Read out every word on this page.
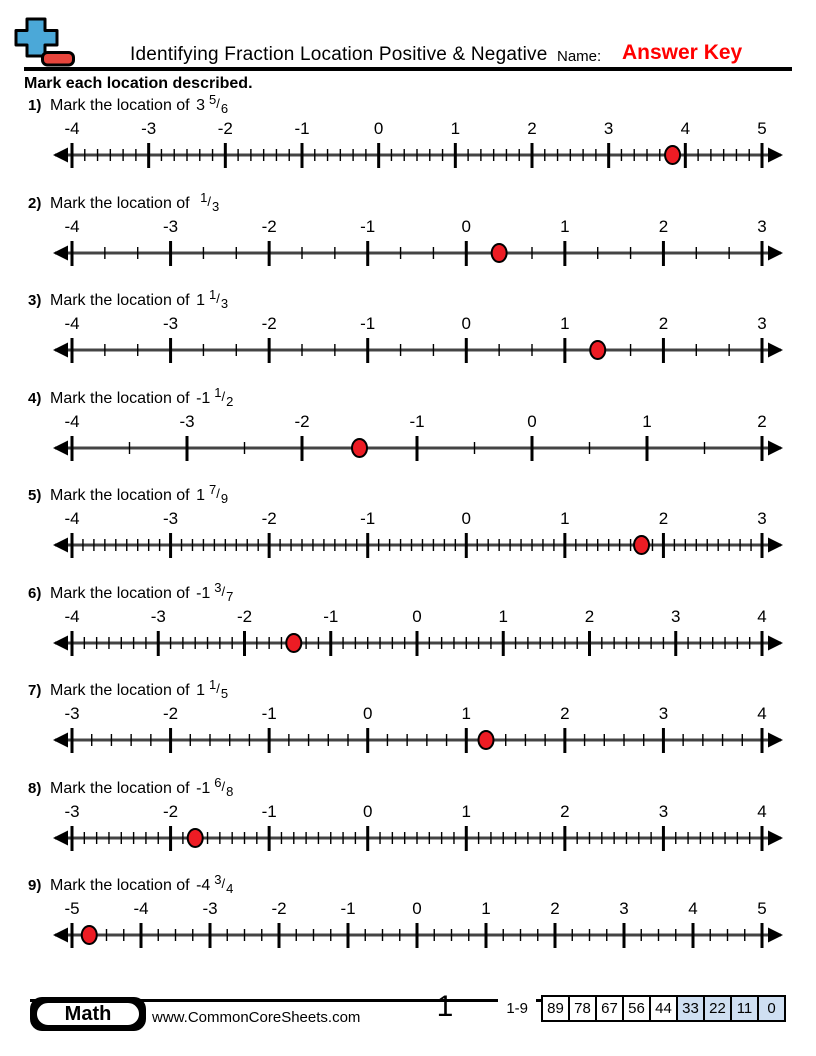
Identifying Fraction Location Positive & Negative Name: Answer Key
Mark each location described.
1) Mark the location of 3 $^5$/6
-4	-3	-2	-1	0	1	2	3	4	5
2) Mark the location of $^1$/3
-4	-3	-2	-1	0	1	2	3
3) Mark the location of 1 $^1$/3
-4	-3	-2	-1	0	1	2	3
4) Mark the location of -1 $^1$/2
-4	-3	-2	-1	0	1	2
5) Mark the location of 1 $^7$/9
-4	-3	-2	-1	0	1	2	3
6) Mark the location of -1 $^3$/7
-4	-3	-2	-1	0	1	2	3	4
7) Mark the location of 1 $^1$/5
-3	-2	-1	0	1	2	3	4
8) Mark the location of -1 $^6$/8
-3	-2	-1	0	1	2	3	4
9) Mark the location of -4 $^3$/4
-5	-4	-3	-2	-1	0	1	2	3	4	5
Math	www.CommonCoreSheets.com	1	1-9	89 78 67 56 44 33 22 11	0
